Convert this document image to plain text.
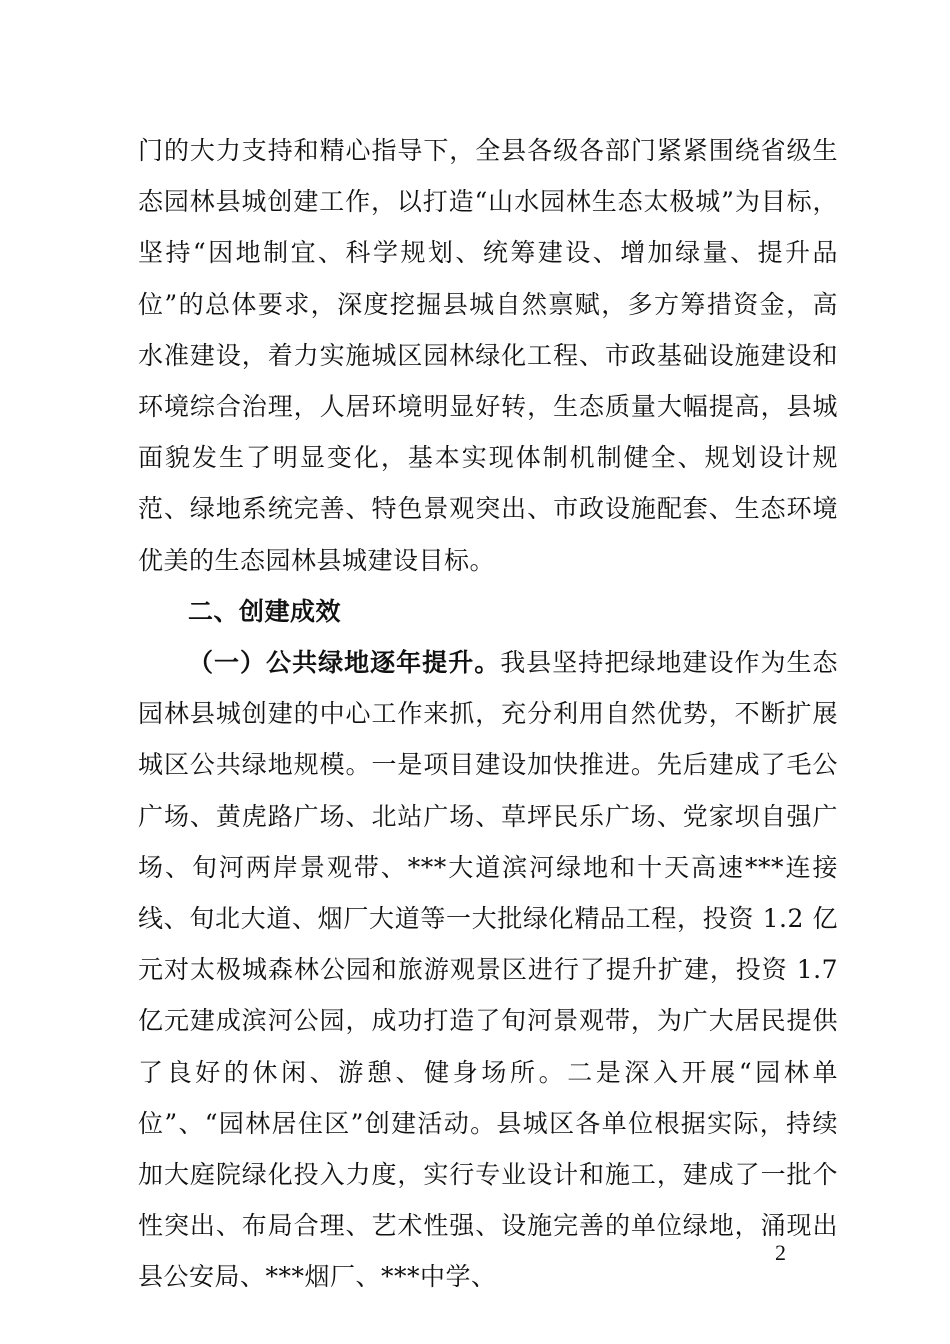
门的大力支持和精心指导下，全县各级各部门紧紧围绕省级生态园林县城创建工作，以打造“山水园林生态太极城”为目标，坚持“因地制宜、科学规划、统筹建设、增加绿量、提升品位”的总体要求，深度挖掘县城自然禀赋，多方筹措资金，高水准建设，着力实施城区园林绿化工程、市政基础设施建设和环境综合治理，人居环境明显好转，生态质量大幅提高，县城面貌发生了明显变化，基本实现体制机制健全、规划设计规范、绿地系统完善、特色景观突出、市政设施配套、生态环境优美的生态园林县城建设目标。

二、创建成效

（一）公共绿地逐年提升。我县坚持把绿地建设作为生态园林县城创建的中心工作来抓，充分利用自然优势，不断扩展城区公共绿地规模。一是项目建设加快推进。先后建成了毛公广场、黄虎路广场、北站广场、草坪民乐广场、党家坝自强广场、旬河两岸景观带、***大道滨河绿地和十天高速***连接线、旬北大道、烟厂大道等一大批绿化精品工程，投资 1.2 亿元对太极城森林公园和旅游观景区进行了提升扩建，投资 1.7 亿元建成滨河公园，成功打造了旬河景观带，为广大居民提供了良好的休闲、游憩、健身场所。二是深入开展“园林单位”、“园林居住区”创建活动。县城区各单位根据实际，持续加大庭院绿化投入力度，实行专业设计和施工，建成了一批个性突出、布局合理、艺术性强、设施完善的单位绿地，涌现出县公安局、***烟厂、***中学、

2
